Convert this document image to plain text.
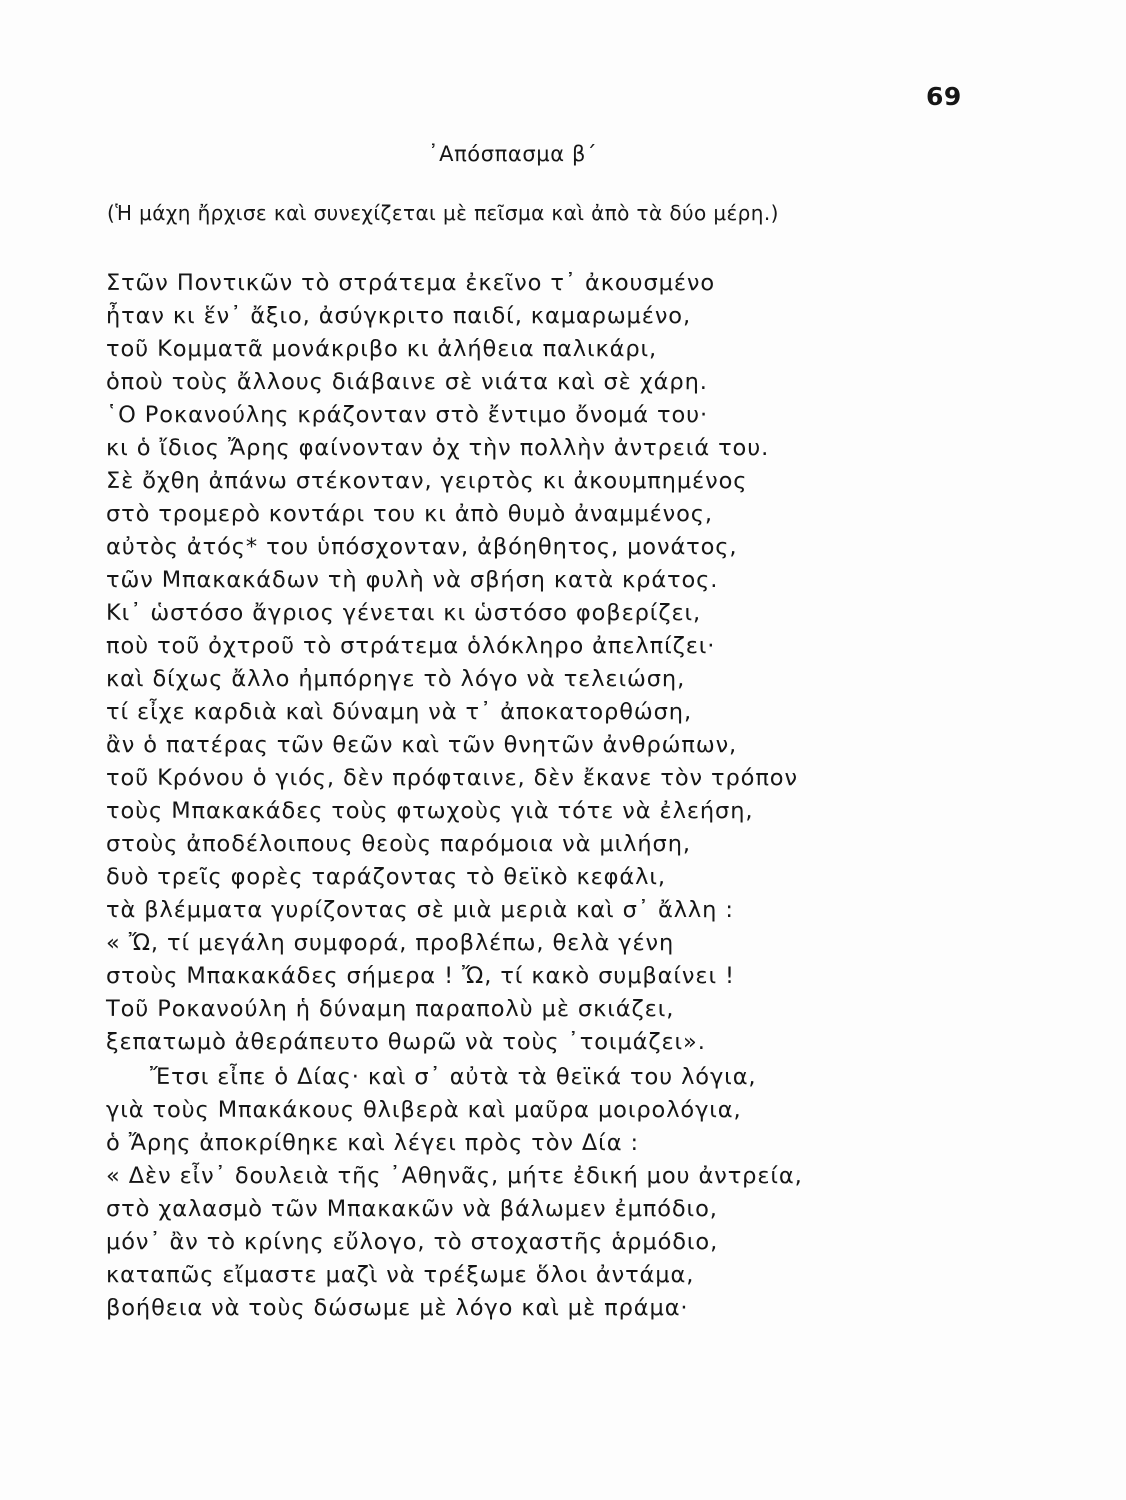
69
᾽Απόσπασμα β΄
(Ἡ μάχη ἤρχισε καὶ συνεχίζεται μὲ πεῖσμα καὶ ἀπὸ τὰ δύο μέρη.)
Στῶν Ποντικῶν τὸ στράτεμα ἐκεῖνο τ᾽ ἀκουσμένο
ἦταν κι ἕν᾽ ἄξιο, ἀσύγκριτο παιδί, καμαρωμένο,
τοῦ Κομματᾶ μονάκριβο κι ἀλήθεια παλικάρι,
ὁποὺ τοὺς ἄλλους διάβαινε σὲ νιάτα καὶ σὲ χάρη.
῾Ο Ροκανούλης κράζονταν στὸ ἔντιμο ὄνομά του·
κι ὁ ἴδιος Ἄρης φαίνονταν ὀχ τὴν πολλὴν ἀντρειά του.
Σὲ ὄχθη ἀπάνω στέκονταν, γειρτὸς κι ἀκουμπημένος
στὸ τρομερὸ κοντάρι του κι ἀπὸ θυμὸ ἀναμμένος,
αὐτὸς ἀτός* του ὑπόσχονταν, ἀβόηθητος, μονάτος,
τῶν Μπακακάδων τὴ φυλὴ νὰ σβήση κατὰ κράτος.
Κι᾽ ὡστόσο ἄγριος γένεται κι ὡστόσο φοβερίζει,
ποὺ τοῦ ὀχτροῦ τὸ στράτεμα ὁλόκληρο ἀπελπίζει·
καὶ δίχως ἄλλο ἠμπόρηγε τὸ λόγο νὰ τελειώση,
τί εἶχε καρδιὰ καὶ δύναμη νὰ τ᾽ ἀποκατορθώση,
ἂν ὁ πατέρας τῶν θεῶν καὶ τῶν θνητῶν ἀνθρώπων,
τοῦ Κρόνου ὁ γιός, δὲν πρόφταινε, δὲν ἔκανε τὸν τρόπον
τοὺς Μπακακάδες τοὺς φτωχοὺς γιὰ τότε νὰ ἐλεήση,
στοὺς ἀποδέλοιπους θεοὺς παρόμοια νὰ μιλήση,
δυὸ τρεῖς φορὲς ταράζοντας τὸ θεϊκὸ κεφάλι,
τὰ βλέμματα γυρίζοντας σὲ μιὰ μεριὰ καὶ σ᾽ ἄλλη :
« Ὤ, τί μεγάλη συμφορά, προβλέπω, θελὰ γένη
στοὺς Μπακακάδες σήμερα ! Ὤ, τί κακὸ συμβαίνει !
Τοῦ Ροκανούλη ἡ δύναμη παραπολὺ μὲ σκιάζει,
ξεπατωμὸ ἀθεράπευτο θωρῶ νὰ τοὺς ᾽τοιμάζει».
Ἔτσι εἶπε ὁ Δίας· καὶ σ᾽ αὐτὰ τὰ θεϊκά του λόγια,
γιὰ τοὺς Μπακάκους θλιβερὰ καὶ μαῦρα μοιρολόγια,
ὁ Ἄρης ἀποκρίθηκε καὶ λέγει πρὸς τὸν Δία :
« Δὲν εἶν᾽ δουλειὰ τῆς ᾽Αθηνᾶς, μήτε ἐδική μου ἀντρεία,
στὸ χαλασμὸ τῶν Μπακακῶν νὰ βάλωμεν ἐμπόδιο,
μόν᾽ ἂν τὸ κρίνης εὔλογο, τὸ στοχαστῆς ἁρμόδιο,
καταπῶς εἴμαστε μαζὶ νὰ τρέξωμε ὅλοι ἀντάμα,
βοήθεια νὰ τοὺς δώσωμε μὲ λόγο καὶ μὲ πράμα·
